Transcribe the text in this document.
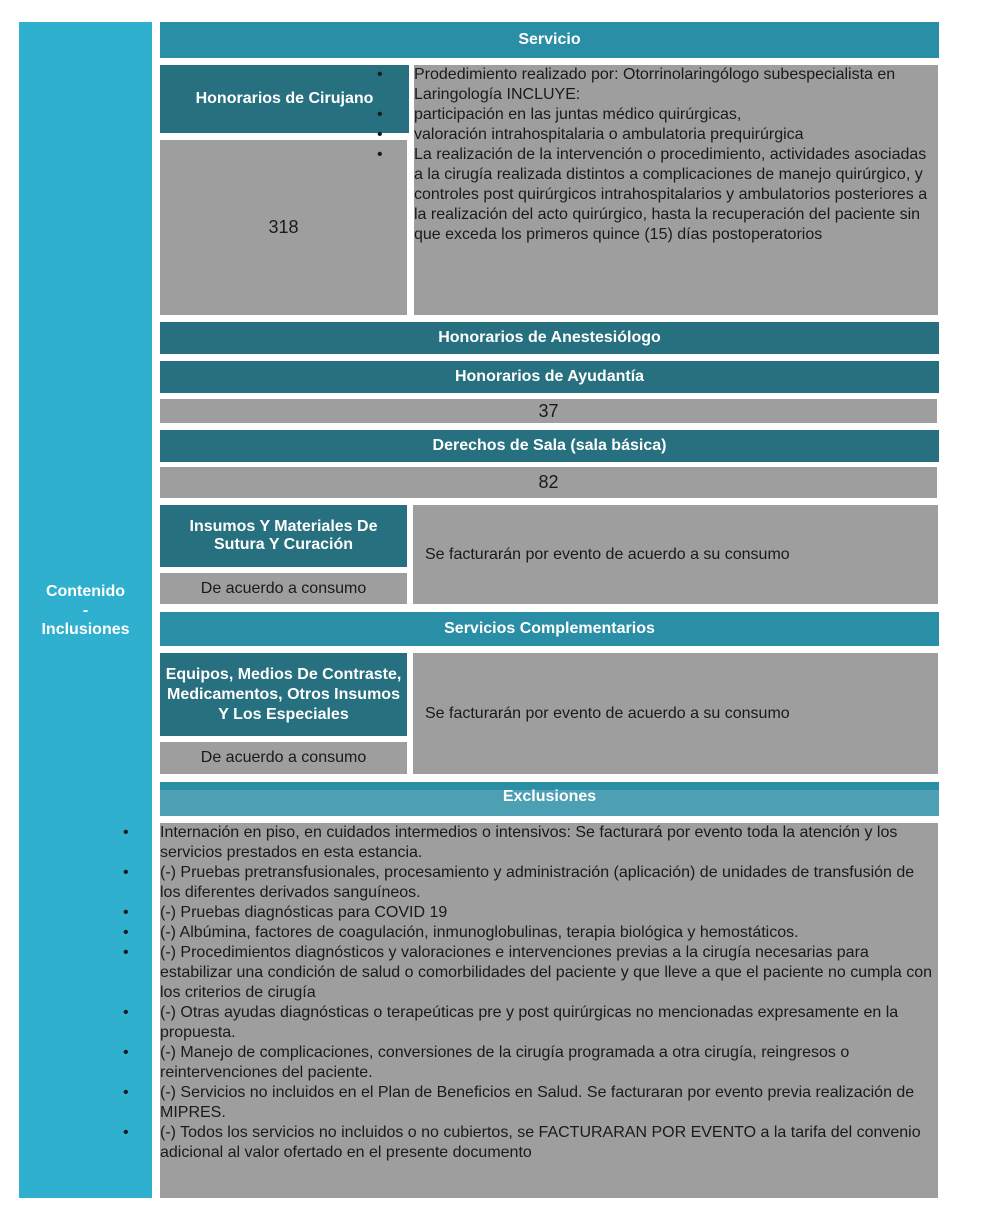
Contenido
-
Inclusiones
Servicio
Honorarios de Cirujano
318
• Prodedimiento realizado por: Otorrinolaringólogo subespecialista en Laringología INCLUYE:
• participación en las juntas médico quirúrgicas,
• valoración intrahospitalaria o ambulatoria prequirúrgica
• La realización de la intervención o procedimiento, actividades asociadas a la cirugía realizada distintos a complicaciones de manejo quirúrgico, y controles post quirúrgicos intrahospitalarios y ambulatorios posteriores a la realización del acto quirúrgico, hasta la recuperación del paciente sin que exceda los primeros quince (15) días postoperatorios
Honorarios de Anestesiólogo
Honorarios de Ayudantía
37
Derechos de Sala (sala básica)
82
Insumos Y Materiales De Sutura Y Curación
De acuerdo a consumo
Se facturarán por evento de acuerdo a su consumo
Servicios Complementarios
Equipos, Medios De Contraste, Medicamentos, Otros Insumos Y Los Especiales
De acuerdo a consumo
Se facturarán por evento de acuerdo a su consumo
Exclusiones
• Internación en piso, en cuidados intermedios o intensivos: Se facturará por evento toda la atención y los servicios prestados en esta estancia.
• (-) Pruebas pretransfusionales, procesamiento y administración (aplicación) de unidades de transfusión de los diferentes derivados sanguíneos.
• (-) Pruebas diagnósticas para COVID 19
• (-) Albúmina, factores de coagulación, inmunoglobulinas, terapia biológica y hemostáticos.
• (-) Procedimientos diagnósticos y valoraciones e intervenciones previas a la cirugía necesarias para estabilizar una condición de salud o comorbilidades del paciente y que lleve a que el paciente no cumpla con los criterios de cirugía
• (-) Otras ayudas diagnósticas o terapeúticas pre y post quirúrgicas no mencionadas expresamente en la propuesta.
• (-) Manejo de complicaciones, conversiones de la cirugía programada a otra cirugía, reingresos o reintervenciones del paciente.
• (-) Servicios no incluidos en el Plan de Beneficios en Salud. Se facturaran por evento previa realización de MIPRES.
• (-) Todos los servicios no incluidos o no cubiertos, se FACTURARAN POR EVENTO a la tarifa del convenio adicional al valor ofertado en el presente documento
